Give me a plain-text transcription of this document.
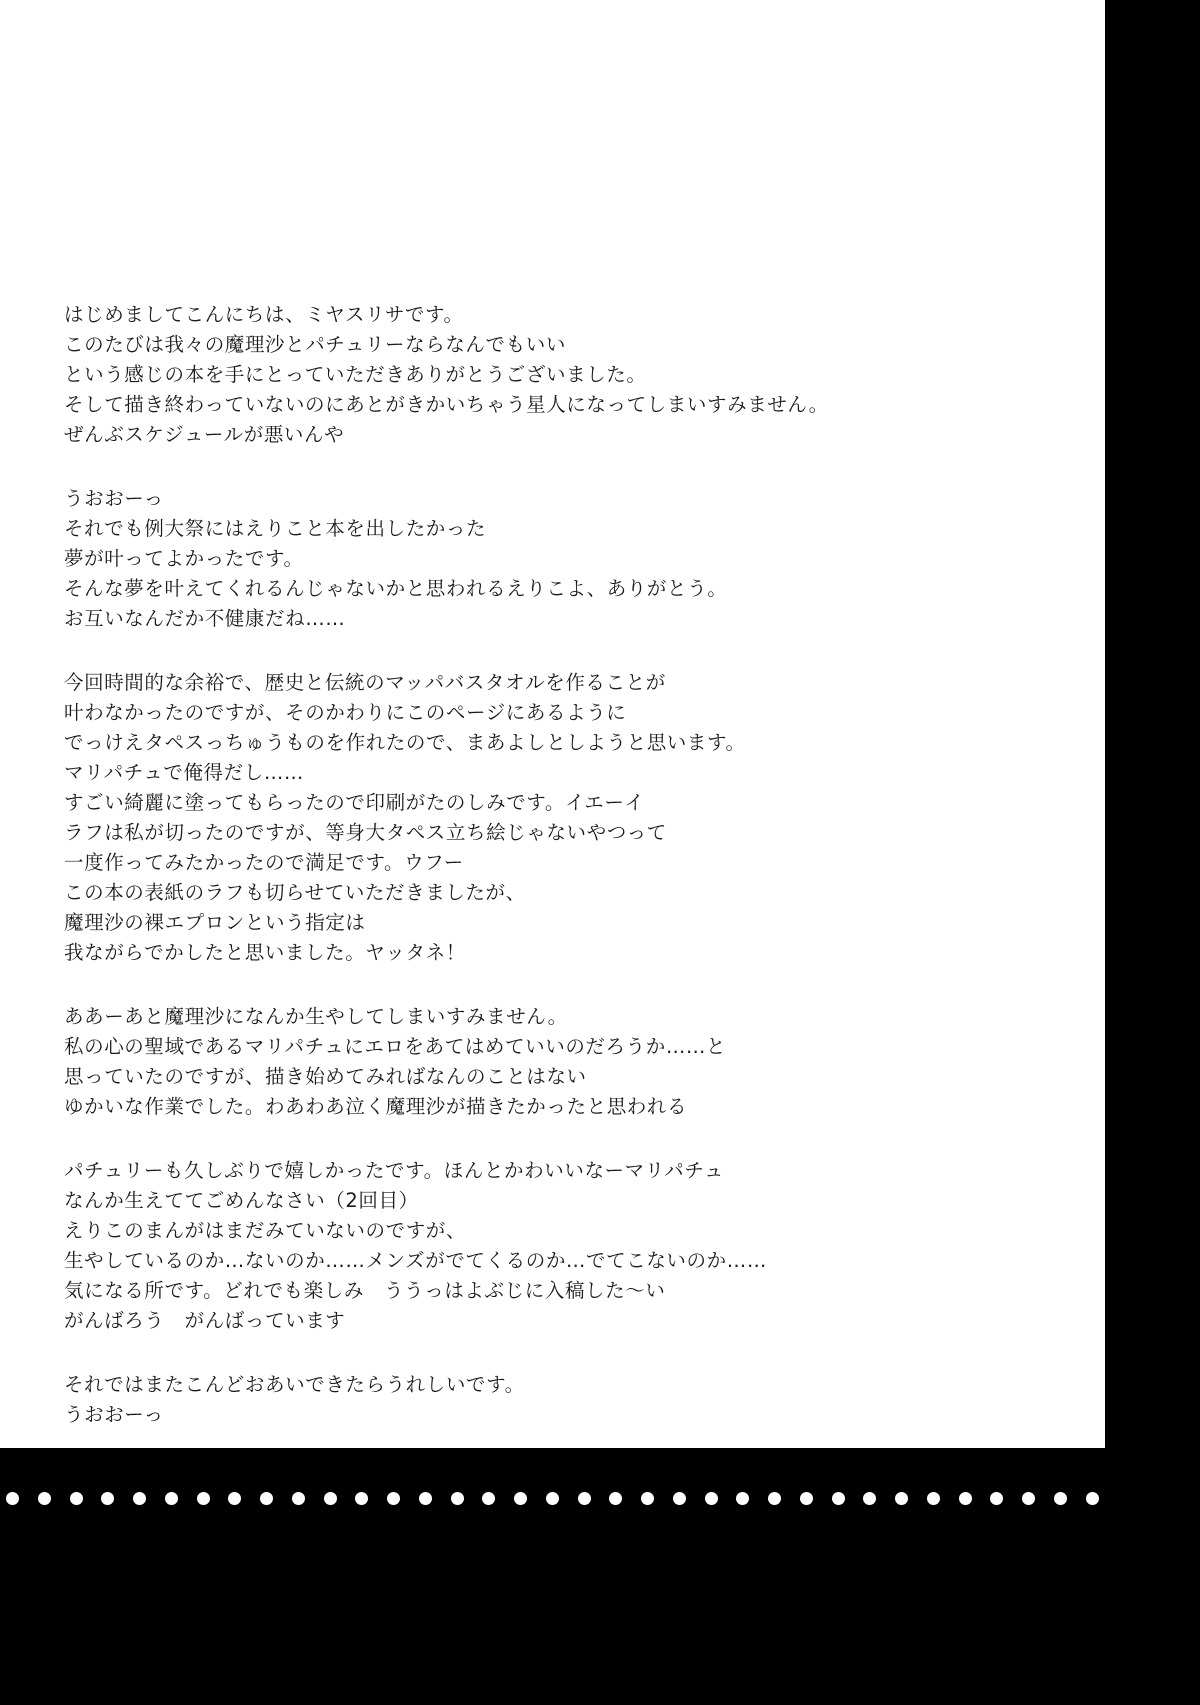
はじめましてこんにちは、ミヤスリサです。
このたびは我々の魔理沙とパチュリーならなんでもいい
という感じの本を手にとっていただきありがとうございました。
そして描き終わっていないのにあとがきかいちゃう星人になってしまいすみません。
ぜんぶスケジュールが悪いんや
うおおーっ
それでも例大祭にはえりこと本を出したかった
夢が叶ってよかったです。
そんな夢を叶えてくれるんじゃないかと思われるえりこよ、ありがとう。
お互いなんだか不健康だね……
今回時間的な余裕で、歴史と伝統のマッパバスタオルを作ることが
叶わなかったのですが、そのかわりにこのページにあるように
でっけえタペスっちゅうものを作れたので、まあよしとしようと思います。
マリパチュで俺得だし……
すごい綺麗に塗ってもらったので印刷がたのしみです。イエーイ
ラフは私が切ったのですが、等身大タペス立ち絵じゃないやつって
一度作ってみたかったので満足です。ウフー
この本の表紙のラフも切らせていただきましたが、
魔理沙の裸エプロンという指定は
我ながらでかしたと思いました。ヤッタネ！
ああーあと魔理沙になんか生やしてしまいすみません。
私の心の聖域であるマリパチュにエロをあてはめていいのだろうか……と
思っていたのですが、描き始めてみればなんのことはない
ゆかいな作業でした。わあわあ泣く魔理沙が描きたかったと思われる
パチュリーも久しぶりで嬉しかったです。ほんとかわいいなーマリパチュ
なんか生えててごめんなさい（2回目）
えりこのまんがはまだみていないのですが、
生やしているのか…ないのか……メンズがでてくるのか…でてこないのか……
気になる所です。どれでも楽しみ　ううっはよぶじに入稿した〜い
がんばろう　がんばっています
それではまたこんどおあいできたらうれしいです。
うおおーっ
